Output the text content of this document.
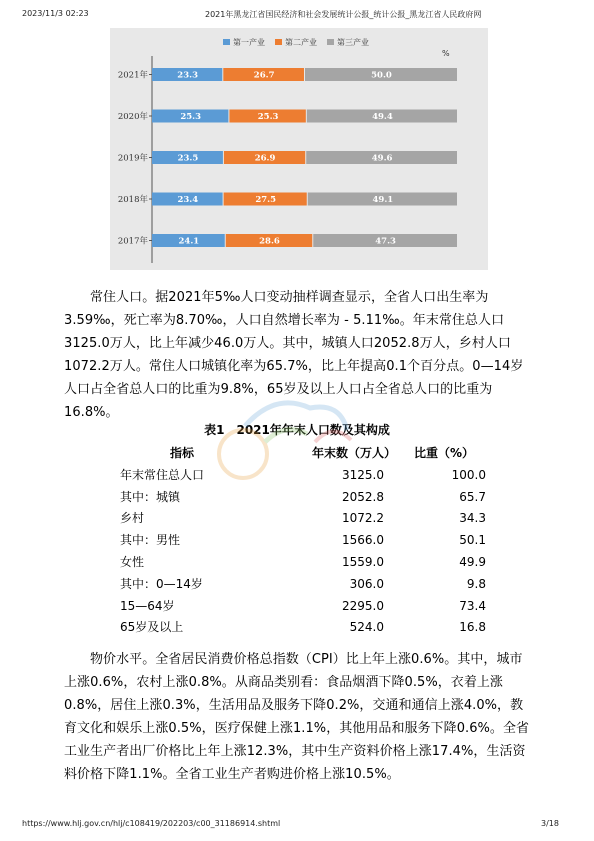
2023/11/3 02:23	2021年黑龙江省国民经济和社会发展统计公报_统计公报_黑龙江省人民政府网
第一产业	第二产业	第三产业
%
2021年	23.3	26.7	50.0
2020年	25.3	25.3	49.4
2019年	23.5	26.9	49.6
2018年	23.4	27.5	49.1
2017年	24.1	28.6	47.3

常住人口。据2021年5‰人口变动抽样调查显示，全省人口出生率为3.59‰，死亡率为8.70‰，人口自然增长率为 - 5.11‰。年末常住总人口3125.0万人，比上年减少46.0万人。其中，城镇人口2052.8万人，乡村人口1072.2万人。常住人口城镇化率为65.7%，比上年提高0.1个百分点。0—14岁人口占全省总人口的比重为9.8%，65岁及以上人口占全省总人口的比重为16.8%。

表1　2021年年末人口数及其构成
指标	年末数（万人） 比重（%）
年末常住总人口	3125.0	100.0
其中：城镇	2052.8	65.7
乡村	1072.2	34.3
其中：男性	1566.0	50.1
女性	1559.0	49.9
其中：0—14岁	306.0	9.8
15—64岁	2295.0	73.4
65岁及以上	524.0	16.8

物价水平。全省居民消费价格总指数（CPI）比上年上涨0.6%。其中，城市上涨0.6%，农村上涨0.8%。从商品类别看：食品烟酒下降0.5%，衣着上涨0.8%，居住上涨0.3%，生活用品及服务下降0.2%，交通和通信上涨4.0%，教育文化和娱乐上涨0.5%，医疗保健上涨1.1%，其他用品和服务下降0.6%。全省工业生产者出厂价格比上年上涨12.3%，其中生产资料价格上涨17.4%，生活资料价格下降1.1%。全省工业生产者购进价格上涨10.5%。

https://www.hlj.gov.cn/hlj/c108419/202203/c00_31186914.shtml	3/18
